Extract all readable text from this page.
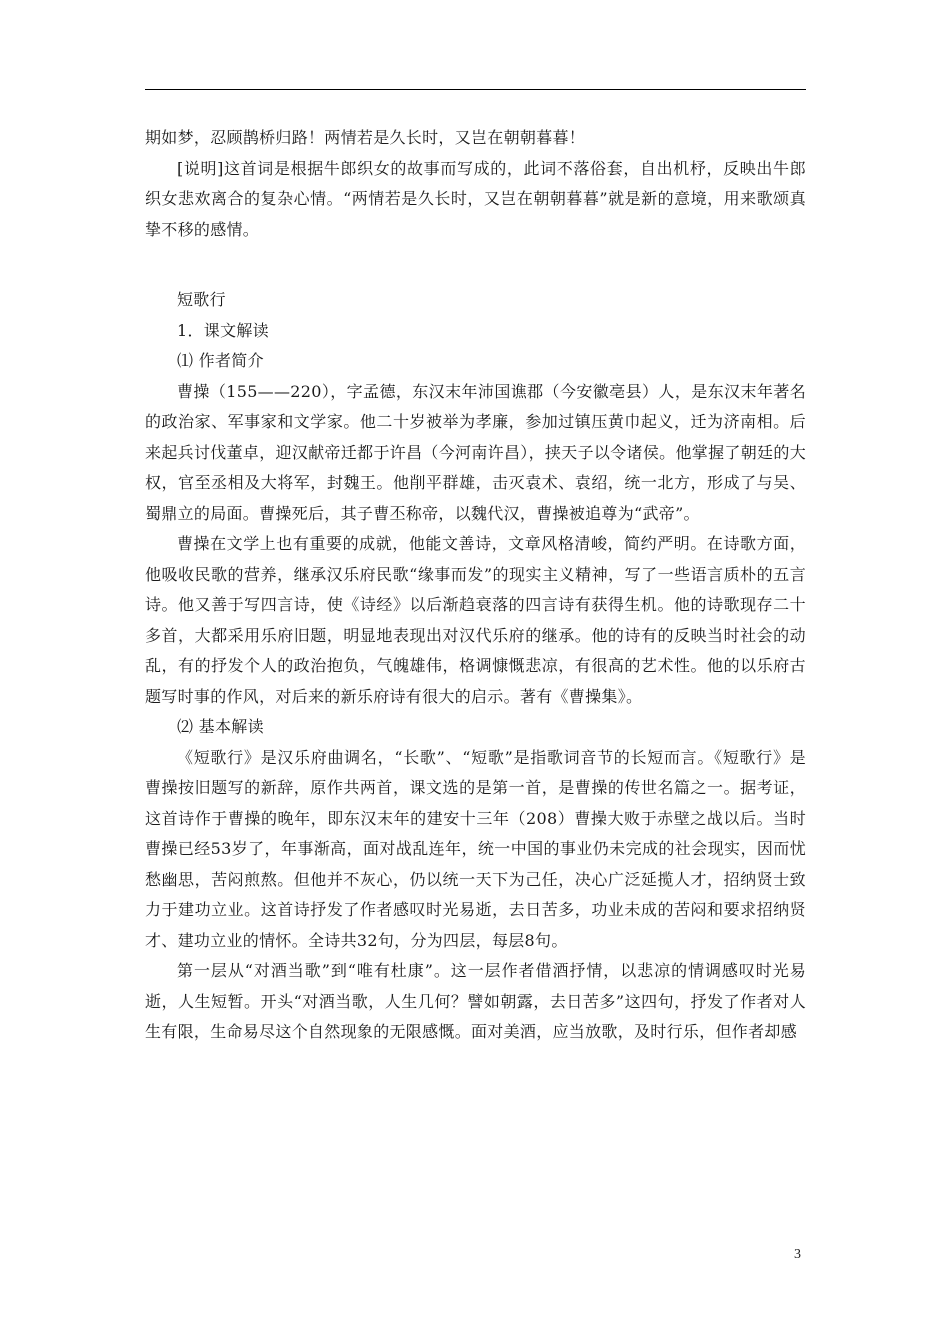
期如梦，忍顾鹊桥归路！两情若是久长时，又岂在朝朝暮暮！

[说明]这首词是根据牛郎织女的故事而写成的，此词不落俗套，自出机杼，反映出牛郎织女悲欢离合的复杂心情。“两情若是久长时，又岂在朝朝暮暮”就是新的意境，用来歌颂真挚不移的感情。

短歌行

1．课文解读

⑴ 作者简介

曹操（155——220），字孟德，东汉末年沛国谯郡（今安徽亳县）人，是东汉末年著名的政治家、军事家和文学家。他二十岁被举为孝廉，参加过镇压黄巾起义，迁为济南相。后来起兵讨伐董卓，迎汉献帝迁都于许昌（今河南许昌），挟天子以令诸侯。他掌握了朝廷的大权，官至丞相及大将军，封魏王。他削平群雄，击灭袁术、袁绍，统一北方，形成了与吴、蜀鼎立的局面。曹操死后，其子曹丕称帝，以魏代汉，曹操被追尊为“武帝”。

曹操在文学上也有重要的成就，他能文善诗，文章风格清峻，简约严明。在诗歌方面，他吸收民歌的营养，继承汉乐府民歌“缘事而发”的现实主义精神，写了一些语言质朴的五言诗。他又善于写四言诗，使《诗经》以后渐趋衰落的四言诗有获得生机。他的诗歌现存二十多首，大都采用乐府旧题，明显地表现出对汉代乐府的继承。他的诗有的反映当时社会的动乱，有的抒发个人的政治抱负，气魄雄伟，格调慷慨悲凉，有很高的艺术性。他的以乐府古题写时事的作风，对后来的新乐府诗有很大的启示。著有《曹操集》。

⑵ 基本解读

《短歌行》是汉乐府曲调名，“长歌”、“短歌”是指歌词音节的长短而言。《短歌行》是曹操按旧题写的新辞，原作共两首，课文选的是第一首，是曹操的传世名篇之一。据考证，这首诗作于曹操的晚年，即东汉末年的建安十三年（208）曹操大败于赤壁之战以后。当时曹操已经53岁了，年事渐高，面对战乱连年，统一中国的事业仍未完成的社会现实，因而忧愁幽思，苦闷煎熬。但他并不灰心，仍以统一天下为己任，决心广泛延揽人才，招纳贤士致力于建功立业。这首诗抒发了作者感叹时光易逝，去日苦多，功业未成的苦闷和要求招纳贤才、建功立业的情怀。全诗共32句，分为四层，每层8句。

第一层从“对酒当歌”到“唯有杜康”。这一层作者借酒抒情，以悲凉的情调感叹时光易逝，人生短暂。开头“对酒当歌，人生几何？譬如朝露，去日苦多”这四句，抒发了作者对人生有限，生命易尽这个自然现象的无限感慨。面对美酒，应当放歌，及时行乐，但作者却感

3
